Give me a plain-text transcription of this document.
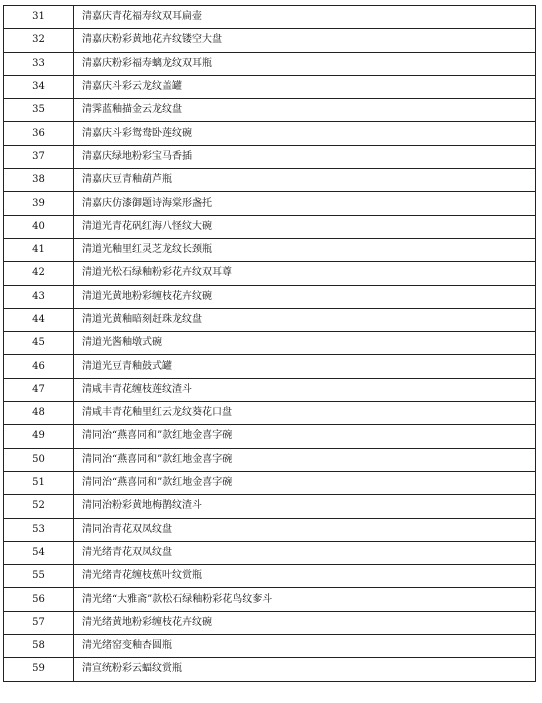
31	清嘉庆青花福寿纹双耳扁壶
32	清嘉庆粉彩黄地花卉纹镂空大盘
33	清嘉庆粉彩福寿螭龙纹双耳瓶
34	清嘉庆斗彩云龙纹盖罐
35	清霁蓝釉描金云龙纹盘
36	清嘉庆斗彩鸳鸯卧莲纹碗
37	清嘉庆绿地粉彩宝马香插
38	清嘉庆豆青釉葫芦瓶
39	清嘉庆仿漆御题诗海棠形盏托
40	清道光青花矾红海八怪纹大碗
41	清道光釉里红灵芝龙纹长颈瓶
42	清道光松石绿釉粉彩花卉纹双耳尊
43	清道光黄地粉彩缠枝花卉纹碗
44	清道光黄釉暗刻赶珠龙纹盘
45	清道光酱釉墩式碗
46	清道光豆青釉鼓式罐
47	清咸丰青花缠枝莲纹渣斗
48	清咸丰青花釉里红云龙纹葵花口盘
49	清同治“燕喜同和”款红地金喜字碗
50	清同治“燕喜同和”款红地金喜字碗
51	清同治“燕喜同和”款红地金喜字碗
52	清同治粉彩黄地梅鹊纹渣斗
53	清同治青花双凤纹盘
54	清光绪青花双凤纹盘
55	清光绪青花缠枝蕉叶纹赏瓶
56	清光绪“大雅斋”款松石绿釉粉彩花鸟纹奓斗
57	清光绪黄地粉彩缠枝花卉纹碗
58	清光绪窑变釉杏圆瓶
59	清宣统粉彩云蝠纹赏瓶
